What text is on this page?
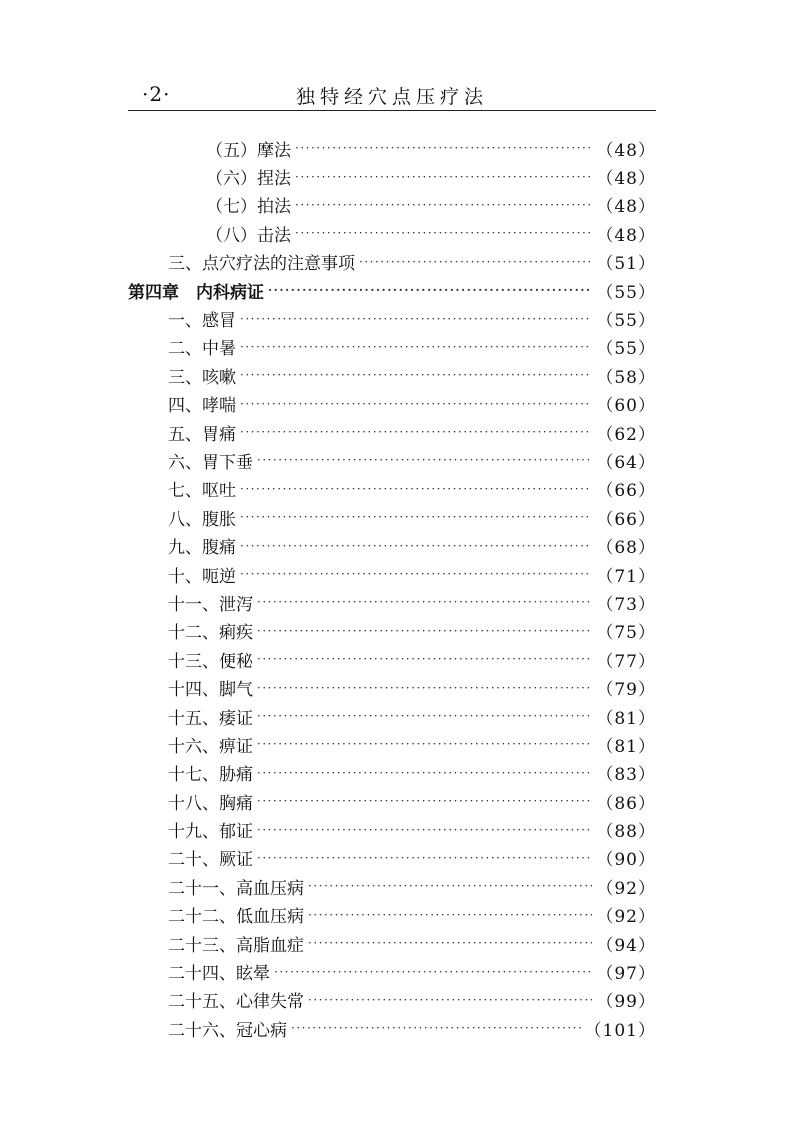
·2·	独特经穴点压疗法
（五）摩法 ·····	（48）
（六）捏法 ·····	（48）
（七）拍法 ·····	（48）
（八）击法 ·····	（48）
三、点穴疗法的注意事项 ·····	（51）
第四章　内科病证 ·····	（55）
一、感冒 ·····	（55）
二、中暑 ·····	（55）
三、咳嗽 ·····	（58）
四、哮喘 ·····	（60）
五、胃痛 ·····	（62）
六、胃下垂 ·····	（64）
七、呕吐 ·····	（66）
八、腹胀 ·····	（66）
九、腹痛 ·····	（68）
十、呃逆 ·····	（71）
十一、泄泻 ·····	（73）
十二、痢疾 ·····	（75）
十三、便秘 ·····	（77）
十四、脚气 ·····	（79）
十五、痿证 ·····	（81）
十六、痹证 ·····	（81）
十七、胁痛 ·····	（83）
十八、胸痛 ·····	（86）
十九、郁证 ·····	（88）
二十、厥证 ·····	（90）
二十一、高血压病 ·····	（92）
二十二、低血压病 ·····	（92）
二十三、高脂血症 ·····	（94）
二十四、眩晕 ·····	（97）
二十五、心律失常 ·····	（99）
二十六、冠心病 ·····	（101）
